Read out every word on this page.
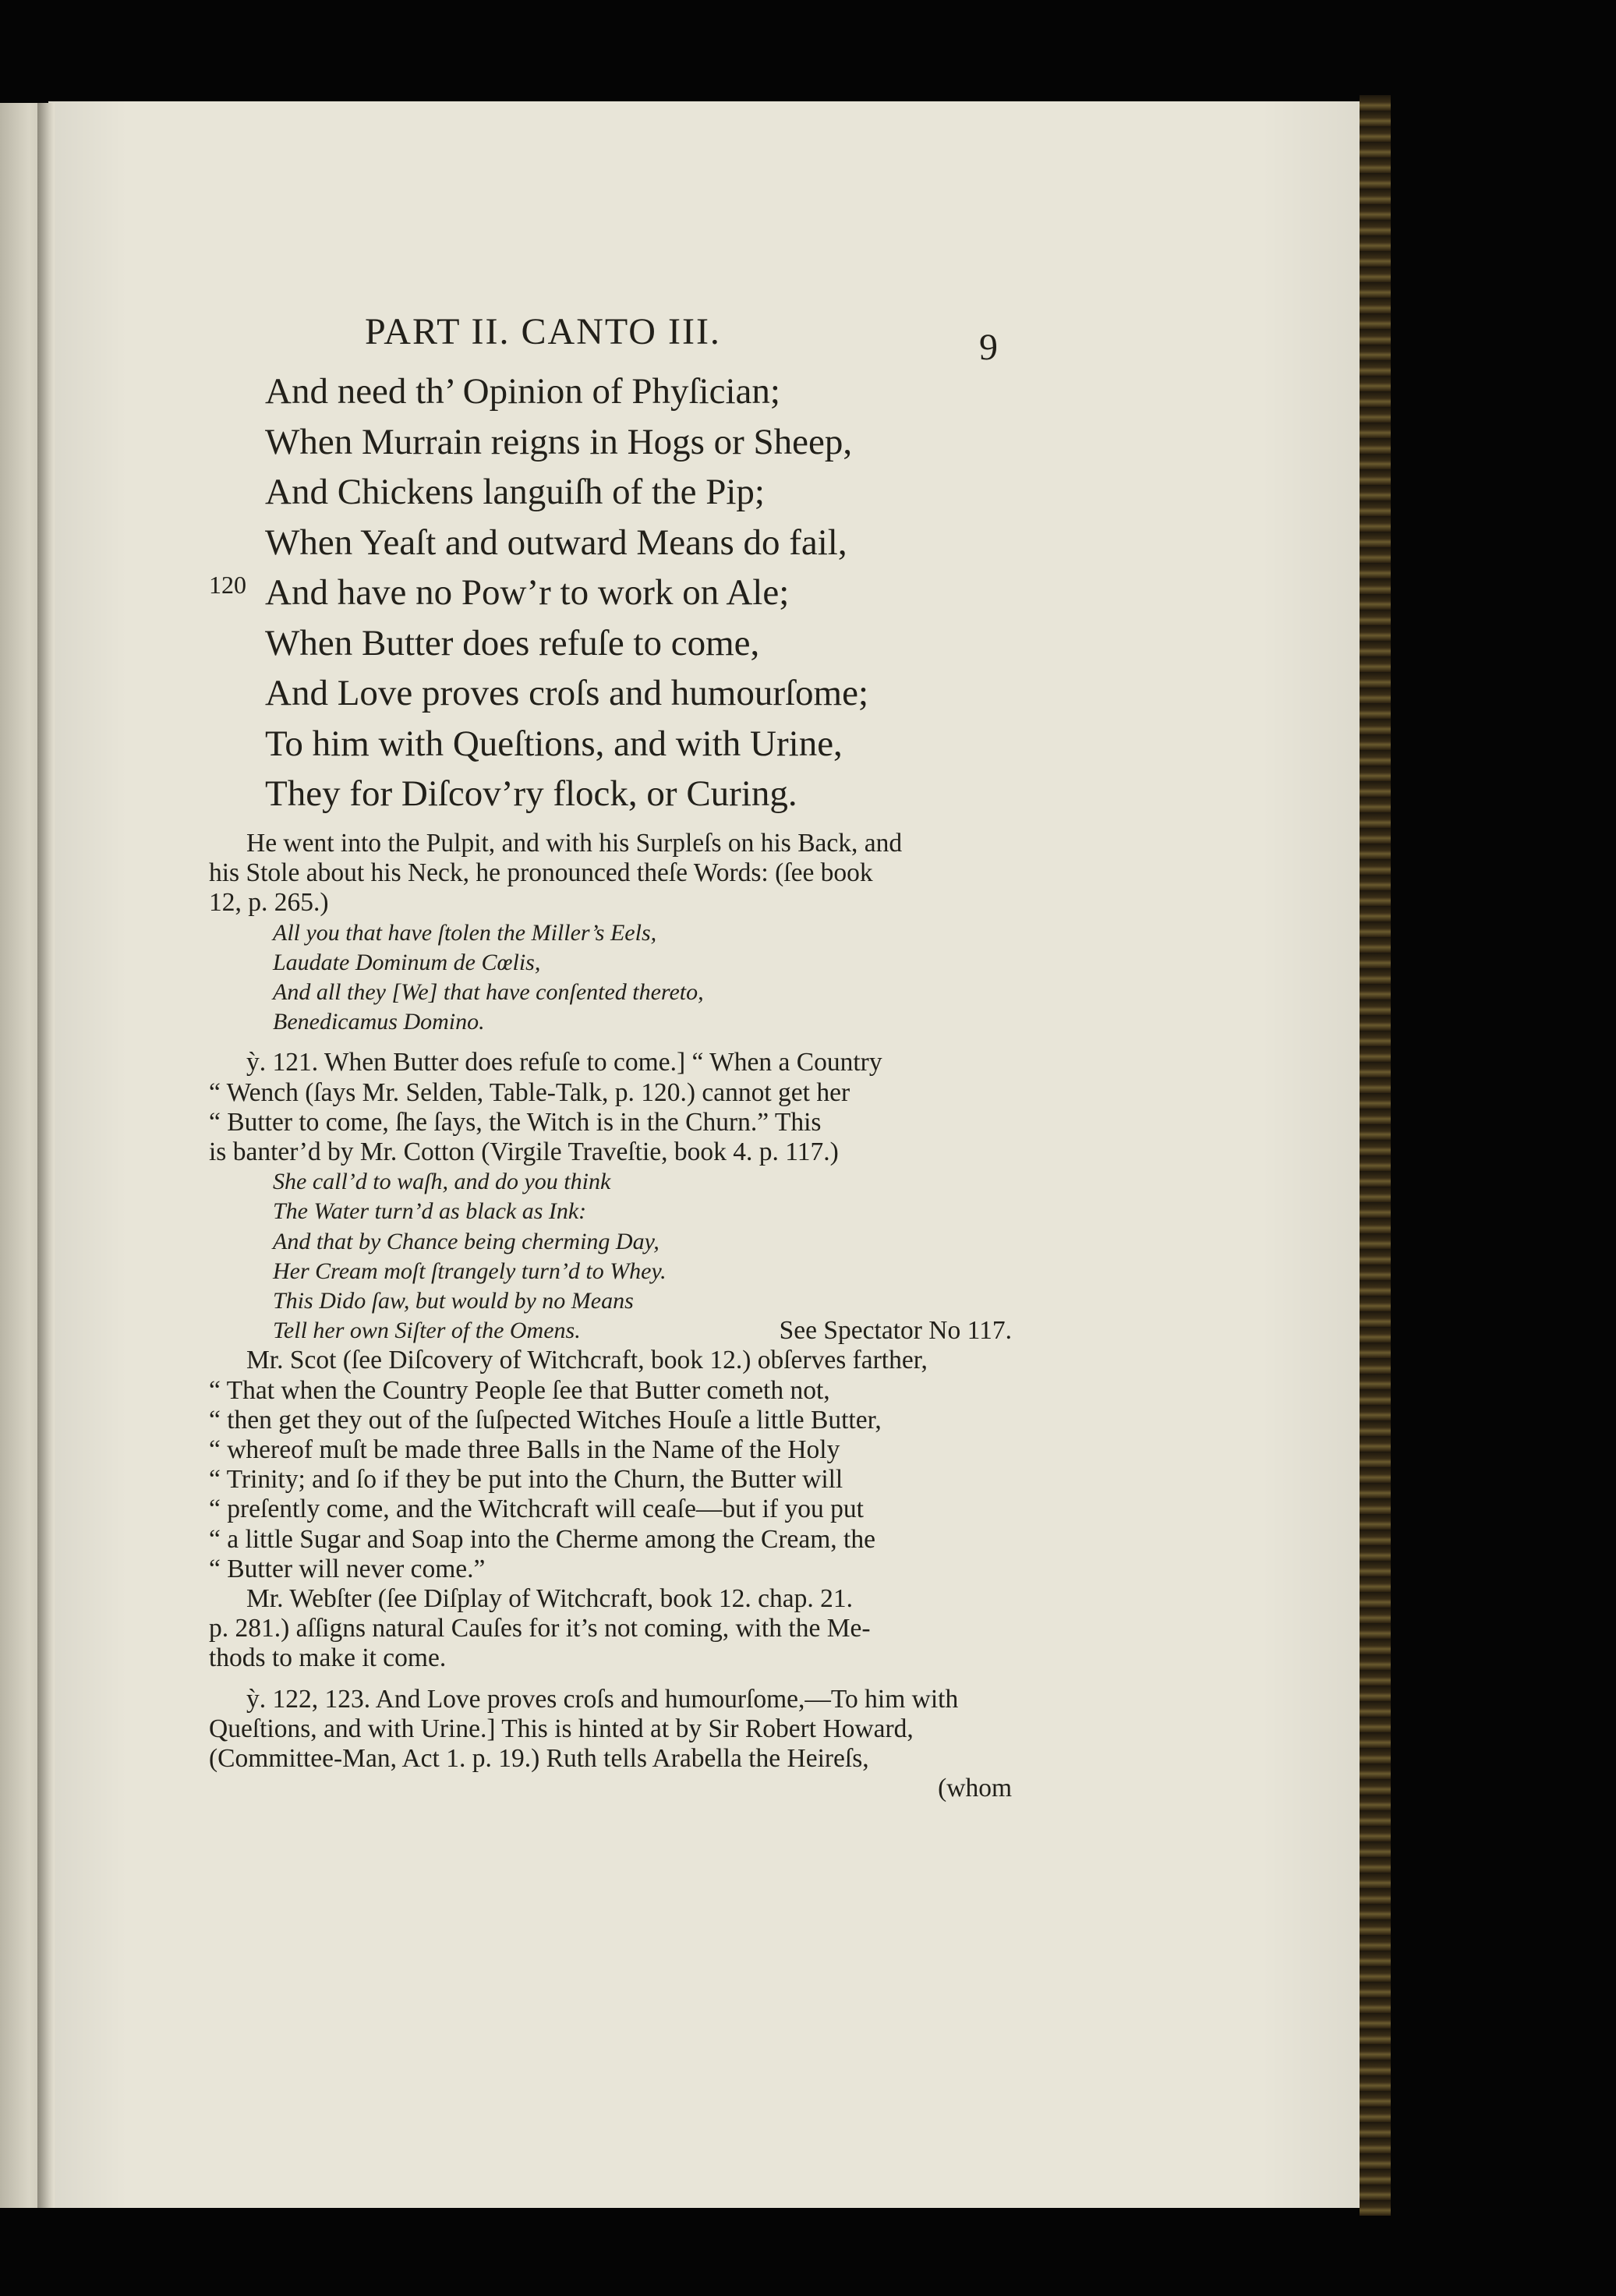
PART II. CANTO III.	9
And need th’ Opinion of Phyſician;
When Murrain reigns in Hogs or Sheep,
And Chickens languiſh of the Pip;
When Yeaſt and outward Means do fail,
And have no Pow’r to work on Ale;
When Butter does refuſe to come,
And Love proves croſs and humourſome;
To him with Queſtions, and with Urine,
They for Diſcov’ry flock, or Curing.
120
He went into the Pulpit, and with his Surpleſs on his Back, and
his Stole about his Neck, he pronounced theſe Words: (ſee book
12, p. 265.)
All you that have ſtolen the Miller’s Eels,
Laudate Dominum de Cœlis,
And all they [We] that have conſented thereto,
Benedicamus Domino.
ỳ. 121. When Butter does refuſe to come.] “ When a Country
“ Wench (ſays Mr. Selden, Table-Talk, p. 120.) cannot get her
“ Butter to come, ſhe ſays, the Witch is in the Churn.” This
is banter’d by Mr. Cotton (Virgile Traveſtie, book 4. p. 117.)
She call’d to waſh, and do you think
The Water turn’d as black as Ink:
And that by Chance being cherming Day,
Her Cream moſt ſtrangely turn’d to Whey.
This Dido ſaw, but would by no Means
Tell her own Siſter of the Omens.	See Spectator No 117.
Mr. Scot (ſee Diſcovery of Witchcraft, book 12.) obſerves farther,
“ That when the Country People ſee that Butter cometh not,
“ then get they out of the ſuſpected Witches Houſe a little Butter,
“ whereof muſt be made three Balls in the Name of the Holy
“ Trinity; and ſo if they be put into the Churn, the Butter will
“ preſently come, and the Witchcraft will ceaſe—but if you put
“ a little Sugar and Soap into the Cherme among the Cream, the
“ Butter will never come.”
Mr. Webſter (ſee Diſplay of Witchcraft, book 12. chap. 21.
p. 281.) aſſigns natural Cauſes for it’s not coming, with the Me-
thods to make it come.
ỳ. 122, 123. And Love proves croſs and humourſome,—To him with
Queſtions, and with Urine.] This is hinted at by Sir Robert Howard,
(Committee-Man, Act 1. p. 19.) Ruth tells Arabella the Heireſs,
(whom
